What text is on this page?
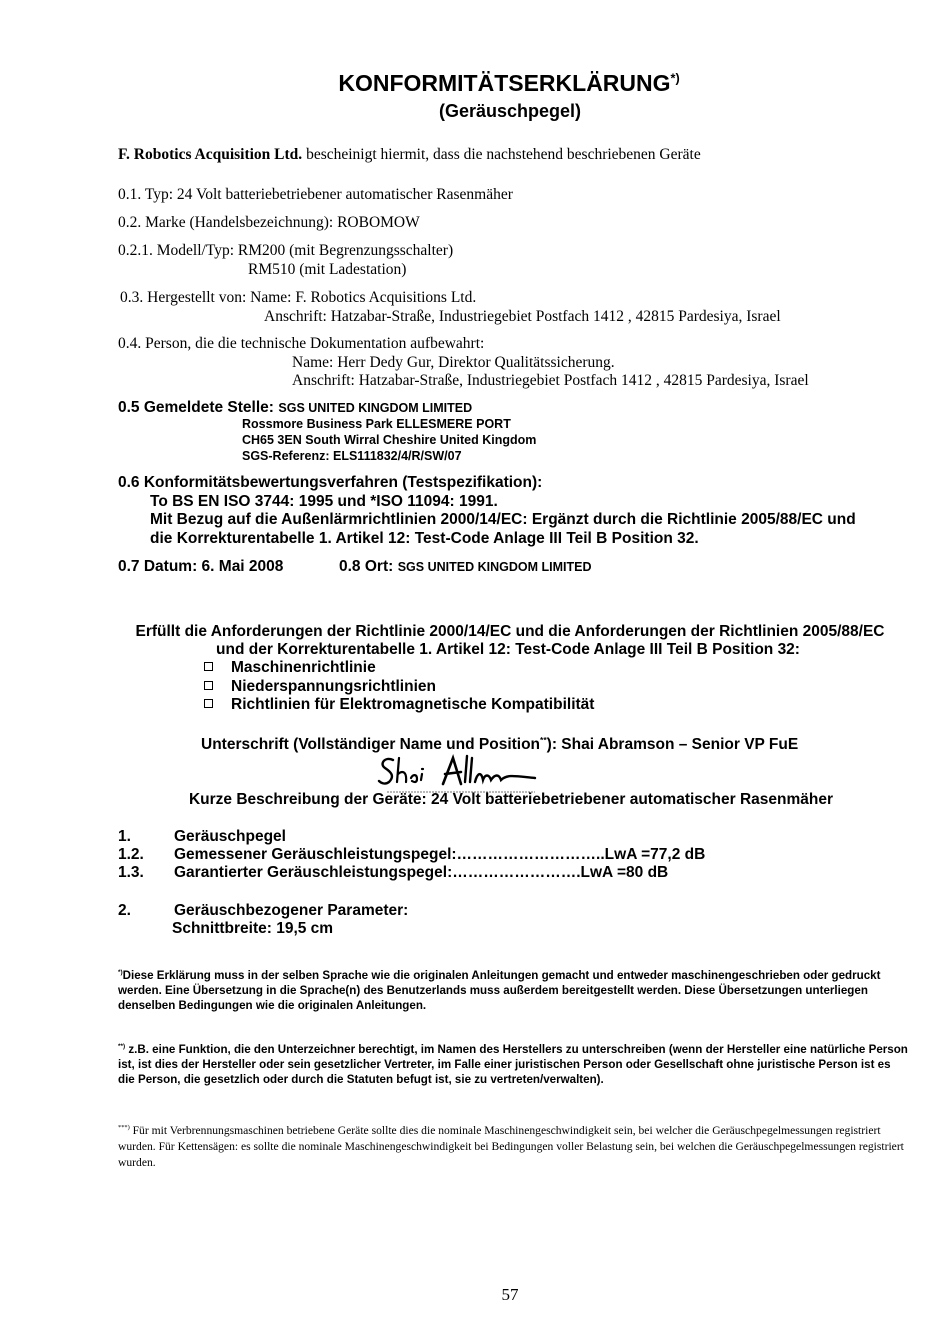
KONFORMITÄTSERKLÄRUNG*)
(Geräuschpegel)
F. Robotics Acquisition Ltd. bescheinigt hiermit, dass die nachstehend beschriebenen Geräte
0.1. Typ: 24 Volt batteriebetriebener automatischer Rasenmäher
0.2. Marke (Handelsbezeichnung): ROBOMOW
0.2.1. Modell/Typ: RM200 (mit Begrenzungsschalter)
RM510 (mit Ladestation)
0.3. Hergestellt von: Name: F. Robotics Acquisitions Ltd.
Anschrift: Hatzabar-Straße, Industriegebiet Postfach 1412 , 42815 Pardesiya, Israel
0.4. Person, die die technische Dokumentation aufbewahrt:
Name: Herr Dedy Gur, Direktor Qualitätssicherung.
Anschrift: Hatzabar-Straße, Industriegebiet Postfach 1412 , 42815 Pardesiya, Israel
0.5 Gemeldete Stelle: SGS UNITED KINGDOM LIMITED
Rossmore Business Park ELLESMERE PORT
CH65 3EN South Wirral Cheshire United Kingdom
SGS-Referenz: ELS111832/4/R/SW/07
0.6 Konformitätsbewertungsverfahren (Testspezifikation):
To BS EN ISO 3744: 1995 und *ISO 11094: 1991.
Mit Bezug auf die Außenlärmrichtlinien 2000/14/EC: Ergänzt durch die Richtlinie 2005/88/EC und
die Korrekturentabelle 1. Artikel 12: Test-Code Anlage III Teil B Position 32.
0.7 Datum: 6. Mai 2008	0.8 Ort: SGS UNITED KINGDOM LIMITED
Erfüllt die Anforderungen der Richtlinie 2000/14/EC und die Anforderungen der Richtlinien 2005/88/EC
und der Korrekturentabelle 1. Artikel 12: Test-Code Anlage III Teil B Position 32:
Maschinenrichtlinie
Niederspannungsrichtlinien
Richtlinien für Elektromagnetische Kompatibilität
Unterschrift (Vollständiger Name und Position**): Shai Abramson – Senior VP FuE
Kurze Beschreibung der Geräte: 24 Volt batteriebetriebener automatischer Rasenmäher
1.	Geräuschpegel
1.2. Gemessener Geräuschleistungspegel:………………………..LwA =77,2 dB
1.3. Garantierter Geräuschleistungspegel:…………………….LwA =80 dB
2.	Geräuschbezogener Parameter:
Schnittbreite: 19,5 cm
*)Diese Erklärung muss in der selben Sprache wie die originalen Anleitungen gemacht und entweder maschinengeschrieben oder gedruckt werden. Eine Übersetzung in die Sprache(n) des Benutzerlands muss außerdem bereitgestellt werden. Diese Übersetzungen unterliegen denselben Bedingungen wie die originalen Anleitungen.
**) z.B. eine Funktion, die den Unterzeichner berechtigt, im Namen des Herstellers zu unterschreiben (wenn der Hersteller eine natürliche Person ist, ist dies der Hersteller oder sein gesetzlicher Vertreter, im Falle einer juristischen Person oder Gesellschaft ohne juristische Person ist es die Person, die gesetzlich oder durch die Statuten befugt ist, sie zu vertreten/verwalten).
***) Für mit Verbrennungsmaschinen betriebene Geräte sollte dies die nominale Maschinengeschwindigkeit sein, bei welcher die Geräuschpegelmessungen registriert wurden. Für Kettensägen: es sollte die nominale Maschinengeschwindigkeit bei Bedingungen voller Belastung sein, bei welchen die Geräuschpegelmessungen registriert wurden.
57
